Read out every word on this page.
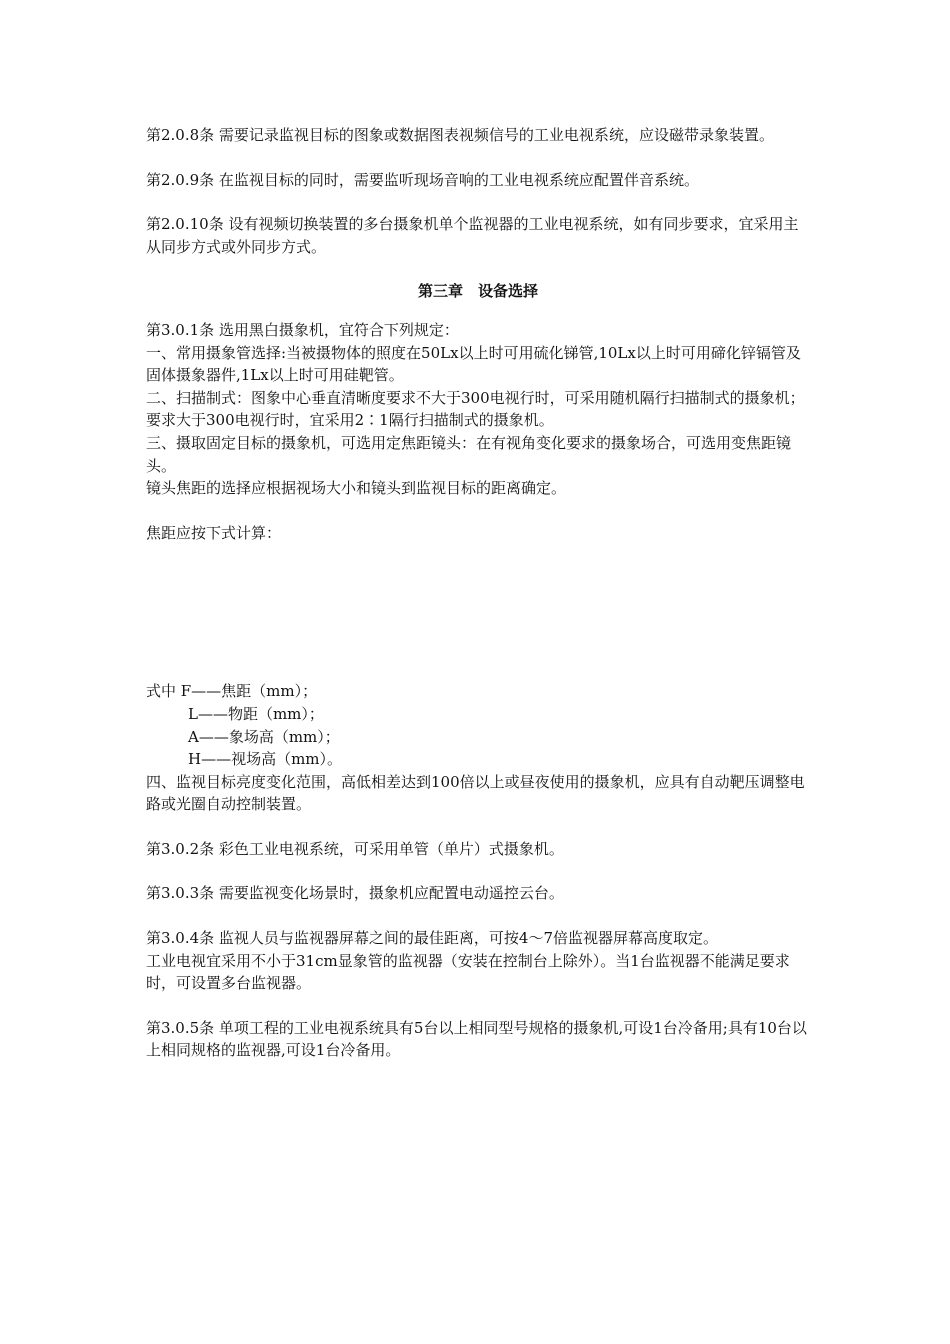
第2.0.8条 需要记录监视目标的图象或数据图表视频信号的工业电视系统，应设磁带录象装置。

第2.0.9条 在监视目标的同时，需要监听现场音响的工业电视系统应配置伴音系统。

第2.0.10条 设有视频切换装置的多台摄象机单个监视器的工业电视系统，如有同步要求，宜采用主从同步方式或外同步方式。

第三章　设备选择

第3.0.1条 选用黑白摄象机，宜符合下列规定：

一、常用摄象管选择:当被摄物体的照度在50Lx以上时可用硫化锑管,10Lx以上时可用碲化锌镉管及固体摄象器件,1Lx以上时可用硅靶管。

二、扫描制式：图象中心垂直清晰度要求不大于300电视行时，可采用随机隔行扫描制式的摄象机；要求大于300电视行时，宜采用2∶1隔行扫描制式的摄象机。

三、摄取固定目标的摄象机，可选用定焦距镜头：在有视角变化要求的摄象场合，可选用变焦距镜头。

镜头焦距的选择应根据视场大小和镜头到监视目标的距离确定。

焦距应按下式计算：

式中 F——焦距（mm）；

L——物距（mm）；

A——象场高（mm）；

H——视场高（mm）。

四、监视目标亮度变化范围，高低相差达到100倍以上或昼夜使用的摄象机，应具有自动靶压调整电路或光圈自动控制装置。

第3.0.2条 彩色工业电视系统，可采用单管（单片）式摄象机。

第3.0.3条 需要监视变化场景时，摄象机应配置电动遥控云台。

第3.0.4条 监视人员与监视器屏幕之间的最佳距离，可按4～7倍监视器屏幕高度取定。

工业电视宜采用不小于31cm显象管的监视器（安装在控制台上除外）。当1台监视器不能满足要求时，可设置多台监视器。

第3.0.5条 单项工程的工业电视系统具有5台以上相同型号规格的摄象机,可设1台冷备用;具有10台以上相同规格的监视器,可设1台冷备用。
